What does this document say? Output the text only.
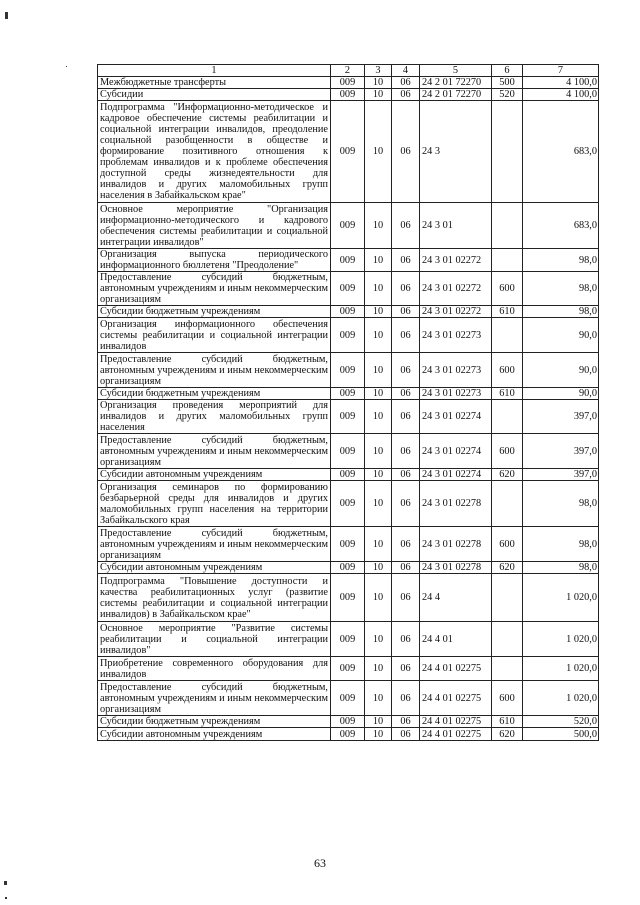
1	2	3	4	5	6	7
Межбюджетные трансферты	009	10	06	24 2 01 72270	500	4 100,0
Субсидии	009	10	06	24 2 01 72270	520	4 100,0
Подпрограмма "Информационно-методическое и кадровое обеспечение системы реабилитации и социальной интеграции инвалидов, преодоление социальной разобщенности в обществе и формирование позитивного отношения к проблемам инвалидов и к проблеме обеспечения доступной среды жизнедеятельности для инвалидов и других маломобильных групп населения в Забайкальском крае"	009	10	06	24 3		683,0
Основное мероприятие "Организация информационно-методического и кадрового обеспечения системы реабилитации и социальной интеграции инвалидов"	009	10	06	24 3 01		683,0
Организация выпуска периодического информационного бюллетеня "Преодоление"	009	10	06	24 3 01 02272		98,0
Предоставление субсидий бюджетным, автономным учреждениям и иным некоммерческим организациям	009	10	06	24 3 01 02272	600	98,0
Субсидии бюджетным учреждениям	009	10	06	24 3 01 02272	610	98,0
Организация информационного обеспечения системы реабилитации и социальной интеграции инвалидов	009	10	06	24 3 01 02273		90,0
Предоставление субсидий бюджетным, автономным учреждениям и иным некоммерческим организациям	009	10	06	24 3 01 02273	600	90,0
Субсидии бюджетным учреждениям	009	10	06	24 3 01 02273	610	90,0
Организация проведения мероприятий для инвалидов и других маломобильных групп населения	009	10	06	24 3 01 02274		397,0
Предоставление субсидий бюджетным, автономным учреждениям и иным некоммерческим организациям	009	10	06	24 3 01 02274	600	397,0
Субсидии автономным учреждениям	009	10	06	24 3 01 02274	620	397,0
Организация семинаров по формированию безбарьерной среды для инвалидов и других маломобильных групп населения на территории Забайкальского края	009	10	06	24 3 01 02278		98,0
Предоставление субсидий бюджетным, автономным учреждениям и иным некоммерческим организациям	009	10	06	24 3 01 02278	600	98,0
Субсидии автономным учреждениям	009	10	06	24 3 01 02278	620	98,0
Подпрограмма "Повышение доступности и качества реабилитационных услуг (развитие системы реабилитации и социальной интеграции инвалидов) в Забайкальском крае"	009	10	06	24 4		1 020,0
Основное мероприятие "Развитие системы реабилитации и социальной интеграции инвалидов"	009	10	06	24 4 01		1 020,0
Приобретение современного оборудования для инвалидов	009	10	06	24 4 01 02275		1 020,0
Предоставление субсидий бюджетным, автономным учреждениям и иным некоммерческим организациям	009	10	06	24 4 01 02275	600	1 020,0
Субсидии бюджетным учреждениям	009	10	06	24 4 01 02275	610	520,0
Субсидии автономным учреждениям	009	10	06	24 4 01 02275	620	500,0
63
